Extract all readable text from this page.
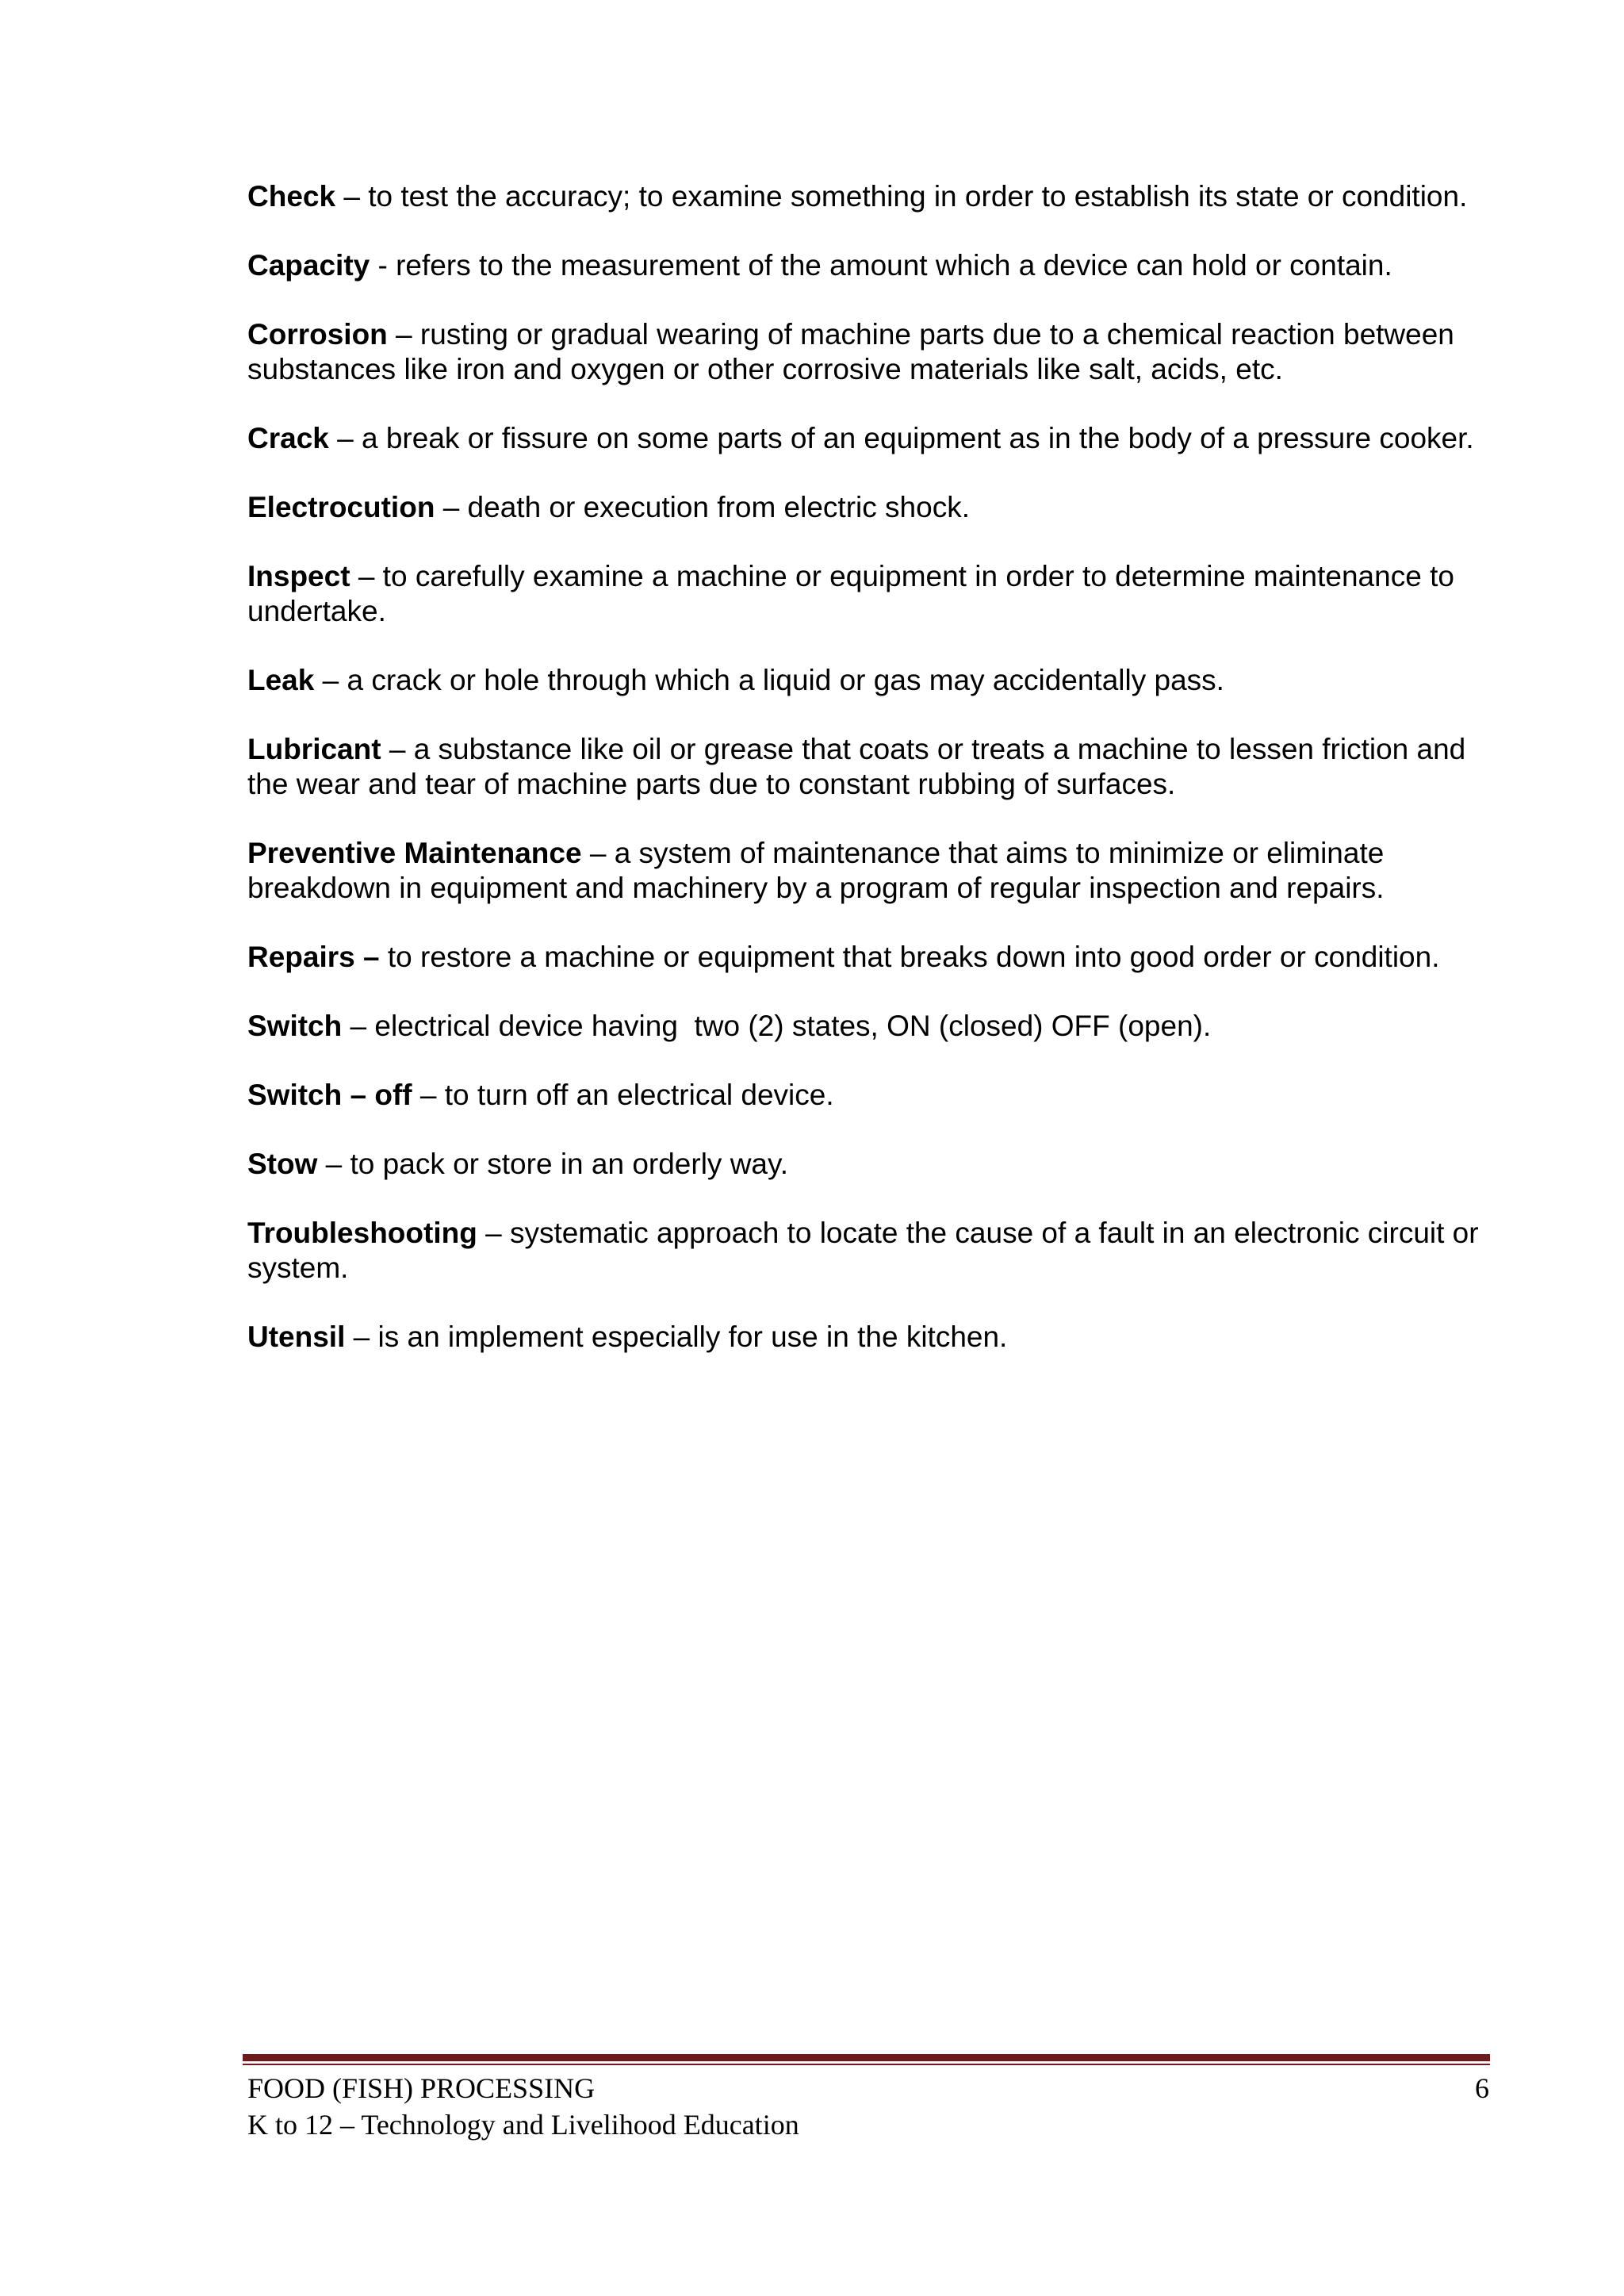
Check – to test the accuracy; to examine something in order to establish its state or condition.

Capacity - refers to the measurement of the amount which a device can hold or contain.

Corrosion – rusting or gradual wearing of machine parts due to a chemical reaction between substances like iron and oxygen or other corrosive materials like salt, acids, etc.

Crack – a break or fissure on some parts of an equipment as in the body of a pressure cooker.

Electrocution – death or execution from electric shock.

Inspect – to carefully examine a machine or equipment in order to determine maintenance to undertake.

Leak – a crack or hole through which a liquid or gas may accidentally pass.

Lubricant – a substance like oil or grease that coats or treats a machine to lessen friction and the wear and tear of machine parts due to constant rubbing of surfaces.

Preventive Maintenance – a system of maintenance that aims to minimize or eliminate breakdown in equipment and machinery by a program of regular inspection and repairs.

Repairs – to restore a machine or equipment that breaks down into good order or condition.

Switch – electrical device having  two (2) states, ON (closed) OFF (open).

Switch – off – to turn off an electrical device.

Stow – to pack or store in an orderly way.

Troubleshooting – systematic approach to locate the cause of a fault in an electronic circuit or system.

Utensil – is an implement especially for use in the kitchen.

FOOD (FISH) PROCESSING
K to 12 – Technology and Livelihood Education
6
